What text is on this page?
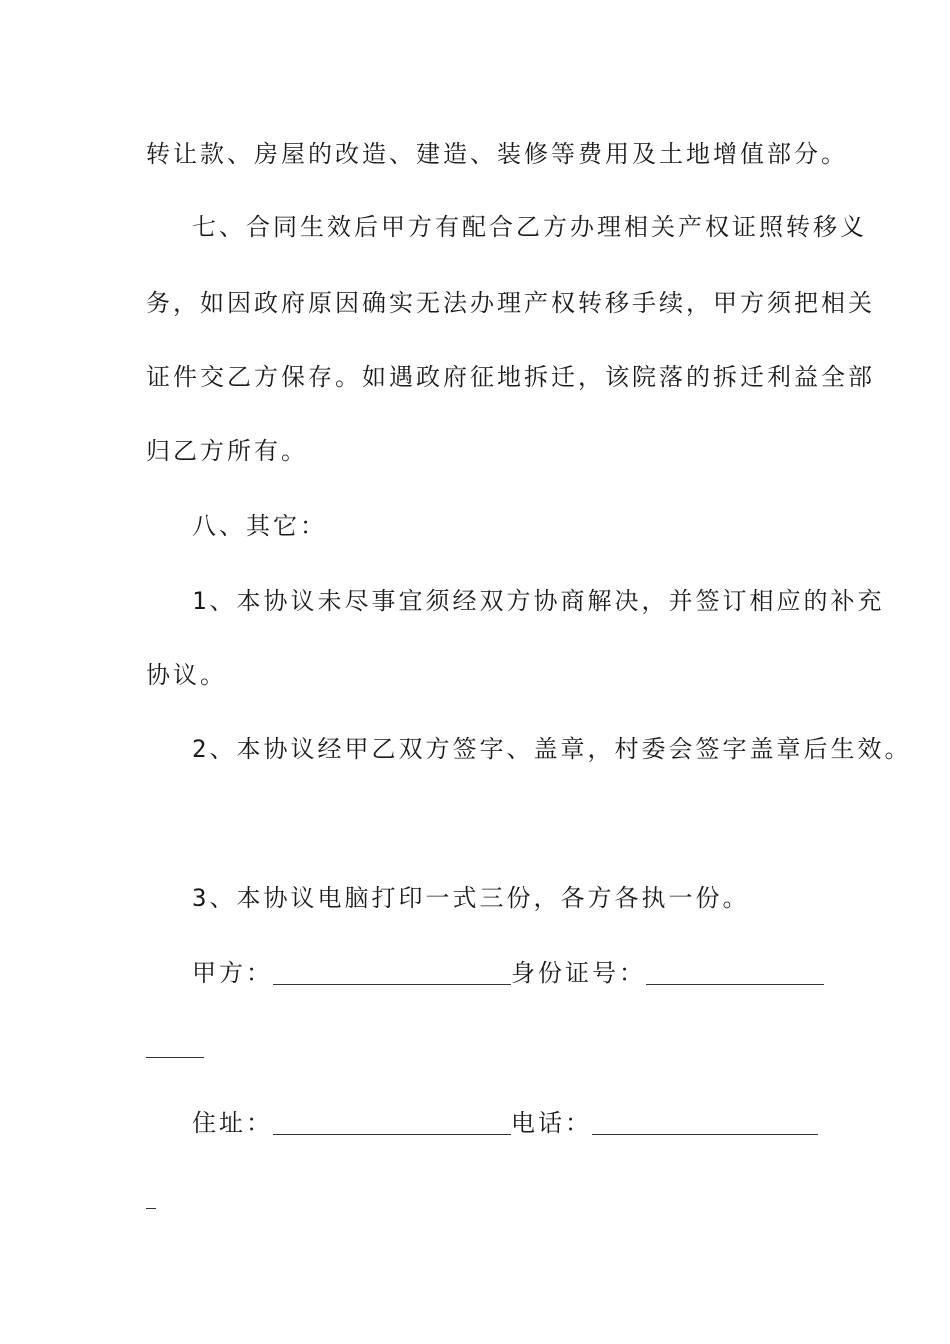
转让款、房屋的改造、建造、装修等费用及土地增值部分。
七、合同生效后甲方有配合乙方办理相关产权证照转移义
务，如因政府原因确实无法办理产权转移手续，甲方须把相关
证件交乙方保存。如遇政府征地拆迁，该院落的拆迁利益全部
归乙方所有。
八、其它：
1、本协议未尽事宜须经双方协商解决，并签订相应的补充
协议。
2、本协议经甲乙双方签字、盖章，村委会签字盖章后生效。
3、本协议电脑打印一式三份，各方各执一份。
甲方：	身份证号：
住址：	电话：
